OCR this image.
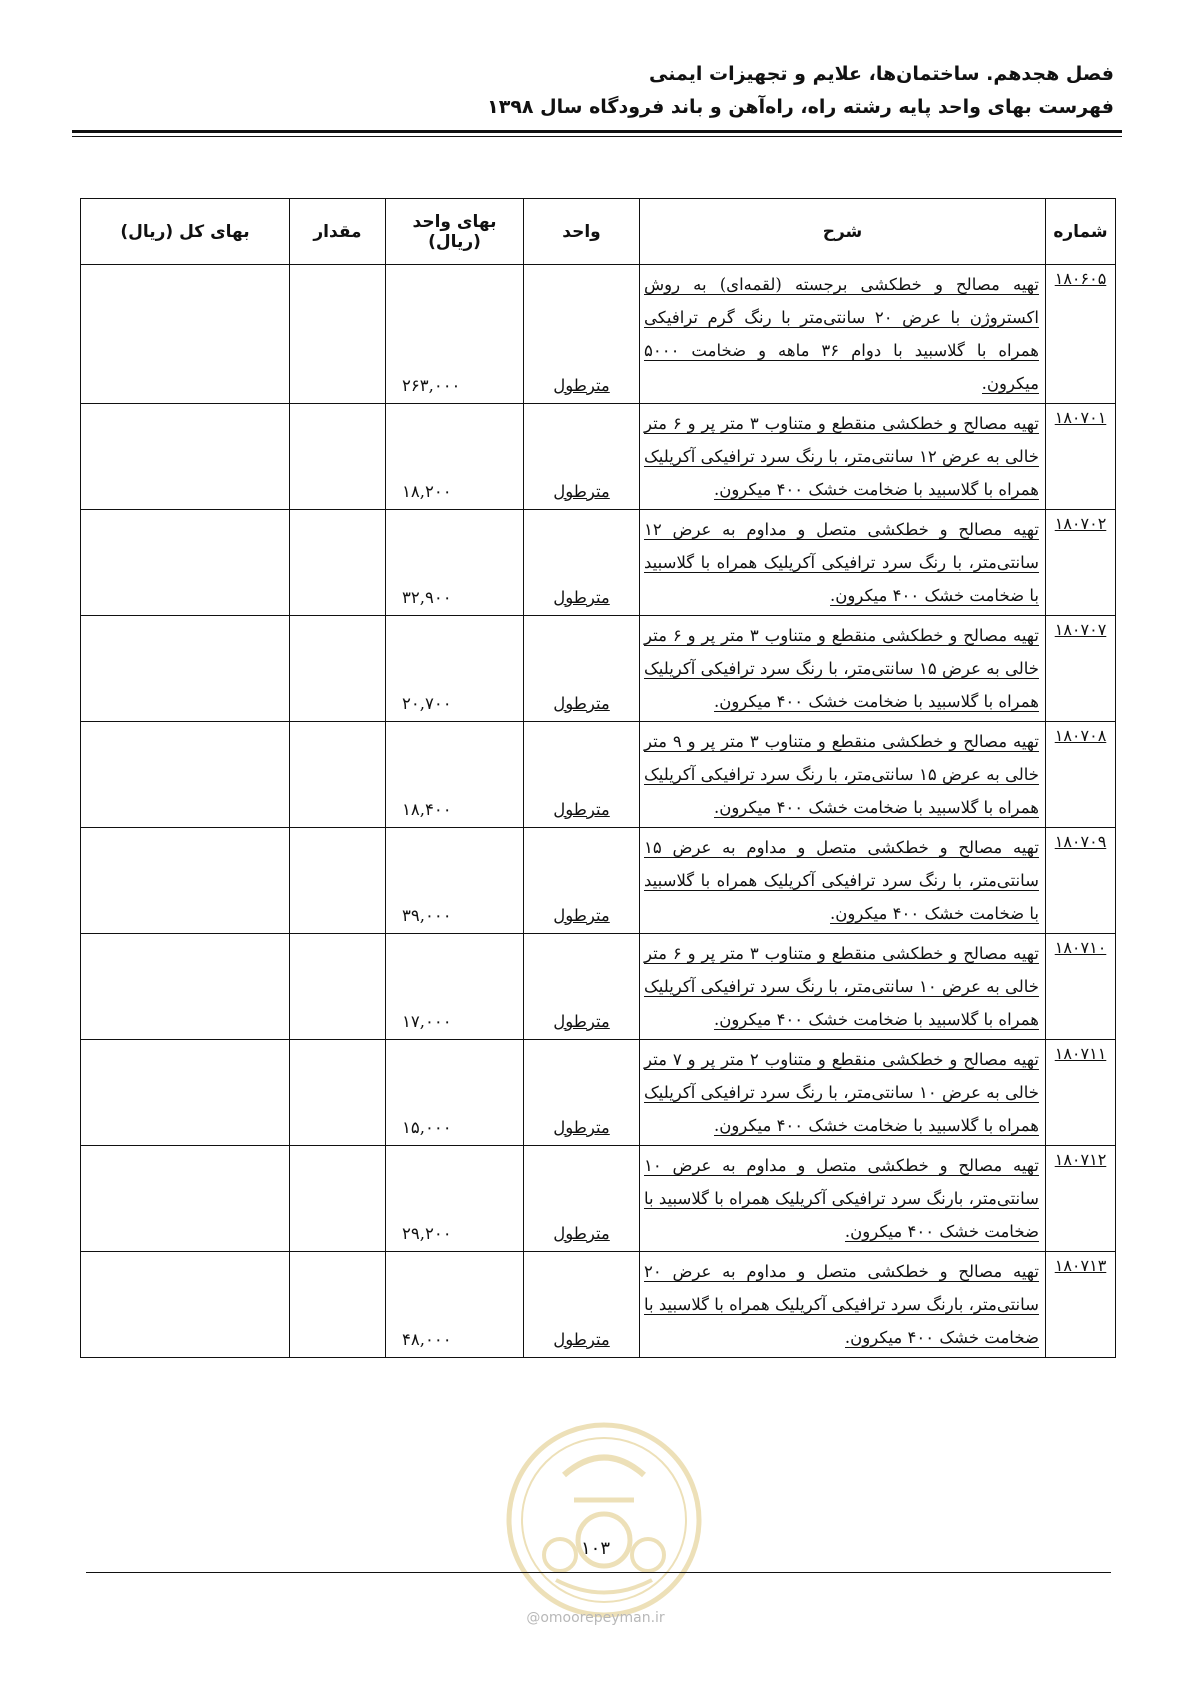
فصل هجدهم. ساختمان‌ها، علایم و تجهیزات ایمنی
فهرست بهای واحد پایه رشته راه، راه‌آهن و باند فرودگاه سال ۱۳۹۸
شماره	شرح	واحد	بهای واحد (ریال)	مقدار	بهای کل (ریال)
۱۸۰۶۰۵	تهیه مصالح و خطکشی برجسته (لقمه‌ای) به روش اکستروژن با عرض ۲۰ سانتی‌متر با رنگ گرم ترافیکی همراه با گلاسبید با دوام ۳۶ ماهه و ضخامت ۵۰۰۰ میکرون.	مترطول	۲۶۳,۰۰۰		
۱۸۰۷۰۱	تهیه مصالح و خطکشی منقطع و متناوب ۳ متر پر و ۶ متر خالی به عرض ۱۲ سانتی‌متر، با رنگ سرد ترافیکی آکریلیک همراه با گلاسبید با ضخامت خشک ۴۰۰ میکرون.	مترطول	۱۸,۲۰۰		
۱۸۰۷۰۲	تهیه مصالح و خطکشی متصل و مداوم به عرض ۱۲ سانتی‌متر، با رنگ سرد ترافیکی آکریلیک همراه با گلاسبید با ضخامت خشک ۴۰۰ میکرون.	مترطول	۳۲,۹۰۰		
۱۸۰۷۰۷	تهیه مصالح و خطکشی منقطع و متناوب ۳ متر پر و ۶ متر خالی به عرض ۱۵ سانتی‌متر، با رنگ سرد ترافیکی آکریلیک همراه با گلاسبید با ضخامت خشک ۴۰۰ میکرون.	مترطول	۲۰,۷۰۰		
۱۸۰۷۰۸	تهیه مصالح و خطکشی منقطع و متناوب ۳ متر پر و ۹ متر خالی به عرض ۱۵ سانتی‌متر، با رنگ سرد ترافیکی آکریلیک همراه با گلاسبید با ضخامت خشک ۴۰۰ میکرون.	مترطول	۱۸,۴۰۰		
۱۸۰۷۰۹	تهیه مصالح و خطکشی متصل و مداوم به عرض ۱۵ سانتی‌متر، با رنگ سرد ترافیکی آکریلیک همراه با گلاسبید با ضخامت خشک ۴۰۰ میکرون.	مترطول	۳۹,۰۰۰		
۱۸۰۷۱۰	تهیه مصالح و خطکشی منقطع و متناوب ۳ متر پر و ۶ متر خالی به عرض ۱۰ سانتی‌متر، با رنگ سرد ترافیکی آکریلیک همراه با گلاسبید با ضخامت خشک ۴۰۰ میکرون.	مترطول	۱۷,۰۰۰		
۱۸۰۷۱۱	تهیه مصالح و خطکشی منقطع و متناوب ۲ متر پر و ۷ متر خالی به عرض ۱۰ سانتی‌متر، با رنگ سرد ترافیکی آکریلیک همراه با گلاسبید با ضخامت خشک ۴۰۰ میکرون.	مترطول	۱۵,۰۰۰		
۱۸۰۷۱۲	تهیه مصالح و خطکشی متصل و مداوم به عرض ۱۰ سانتی‌متر، بارنگ سرد ترافیکی آکریلیک همراه با گلاسبید با ضخامت خشک ۴۰۰ میکرون.	مترطول	۲۹,۲۰۰		
۱۸۰۷۱۳	تهیه مصالح و خطکشی متصل و مداوم به عرض ۲۰ سانتی‌متر، بارنگ سرد ترافیکی آکریلیک همراه با گلاسبید با ضخامت خشک ۴۰۰ میکرون.	مترطول	۴۸,۰۰۰		
۱۰۳
@omoorepeyman.ir
